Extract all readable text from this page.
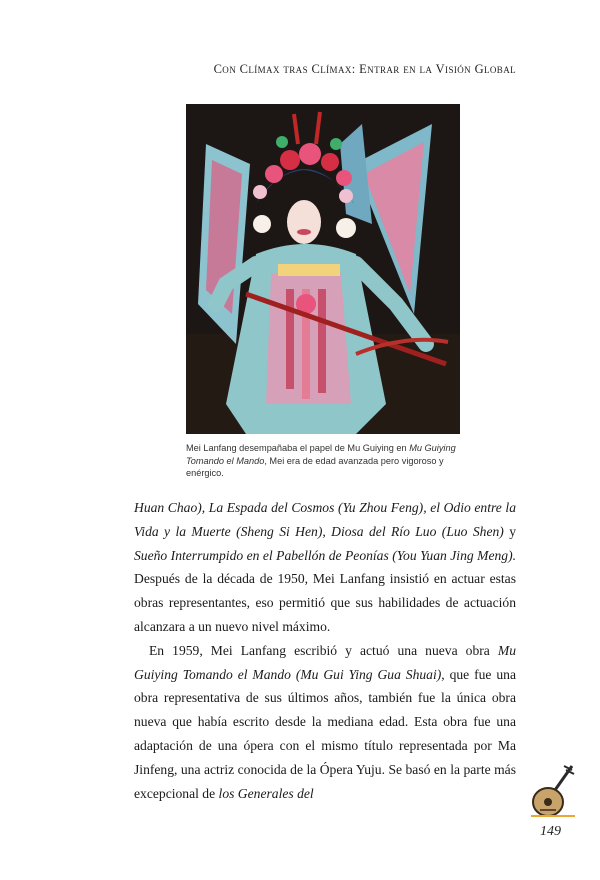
Con Clímax tras Clímax: Entrar en la Visión Global
Mei Lanfang desempañaba el papel de Mu Guiying en Mu Guiying Tomando el Mando, Mei era de edad avanzada pero vigoroso y enérgico.

Huan Chao), La Espada del Cosmos (Yu Zhou Feng), el Odio entre la Vida y la Muerte (Sheng Si Hen), Diosa del Río Luo (Luo Shen) y Sueño Interrumpido en el Pabellón de Peonías (You Yuan Jing Meng). Después de la década de 1950, Mei Lanfang insistió en actuar estas obras representantes, eso permitió que sus habilidades de actuación alcanzara a un nuevo nivel máximo.

En 1959, Mei Lanfang escribió y actuó una nueva obra Mu Guiying Tomando el Mando (Mu Gui Ying Gua Shuai), que fue una obra representativa de sus últimos años, también fue la única obra nueva que había escrito desde la mediana edad. Esta obra fue una adaptación de una ópera con el mismo título representada por Ma Jinfeng, una actriz conocida de la Ópera Yuju. Se basó en la parte más excepcional de los Generales del

149
